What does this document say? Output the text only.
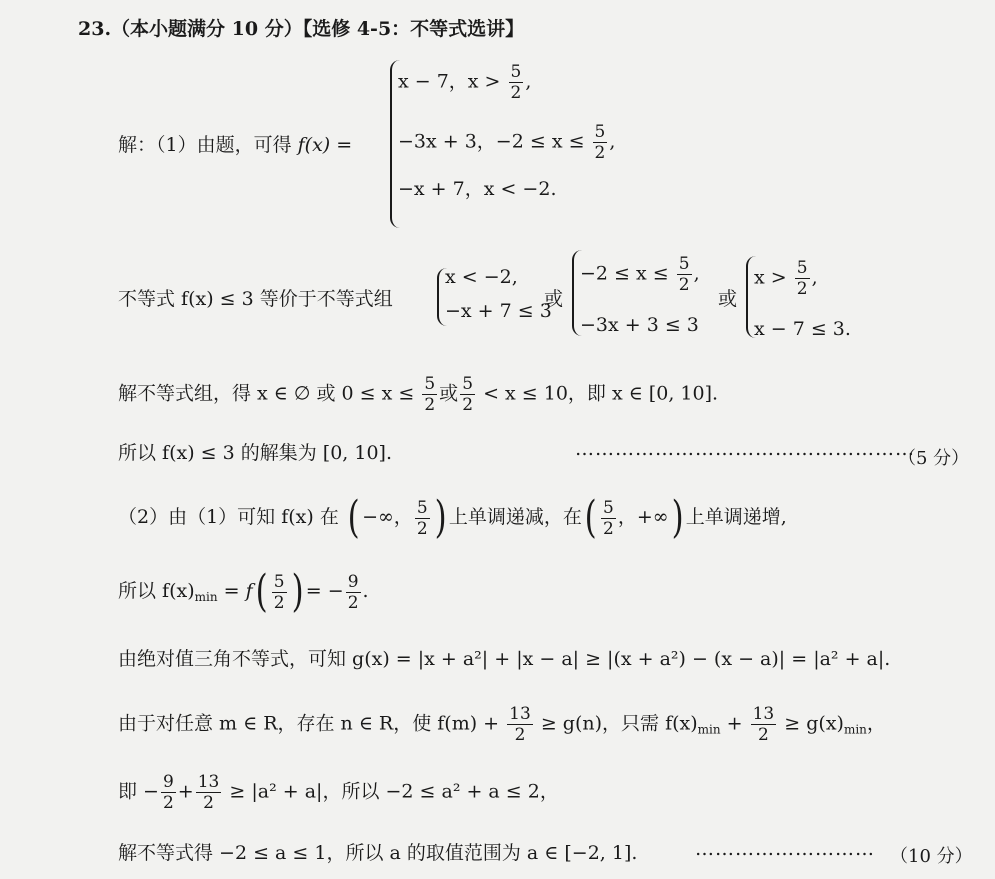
23.（本小题满分 10 分）【选修 4-5：不等式选讲】
解：（1）由题，可得 f(x) =
x − 7，$x > \frac{5}{2}$ ,
−3x + 3，$-2 \le x \le \frac{5}{2}$ ,
−x + 7，x < −2.
不等式 f(x) ≤ 3 等价于不等式组
x < −2,
−x + 7 ≤ 3
或
$-2 \le x \le \frac{5}{2}$ ,
−3x + 3 ≤ 3
或
$x > \frac{5}{2}$ ,
x − 7 ≤ 3.
解不等式组，得 x ∈ ∅ 或 $0 \le x \le \frac{5}{2}$ 或 $\frac{5}{2} < x \le 10$，即 x ∈ [0, 10].
所以 f(x) ≤ 3 的解集为 [0, 10].	……………………………………………
（5 分）
（2）由（1）可知 f(x) 在 ( −∞， $\frac{5}{2}$ ) 上单调递减，在( $\frac{5}{2}$ ，+∞) 上单调递增,
所以 $f(x)_{min} = f( \frac{5}{2}$ ) = − $\frac{9}{2}$ .
由绝对值三角不等式，可知 g(x) = |x + a²| + |x − a| ≥ |(x + a²) − (x − a)| = |a² + a|.
由于对任意 m ∈ R，存在 n ∈ R，使 $f(m) + \frac{13}{2} \ge g(n)$，只需 $f(x)_{min} + \frac{13}{2} \ge g(x)_{min}$，
即 − $\frac{9}{2} + \frac{13}{2} \ge |a^2 + a|$，所以 −2 ≤ a² + a ≤ 2，
解不等式得 −2 ≤ a ≤ 1，所以 a 的取值范围为 a ∈ [−2, 1].	……………………… （10 分）
